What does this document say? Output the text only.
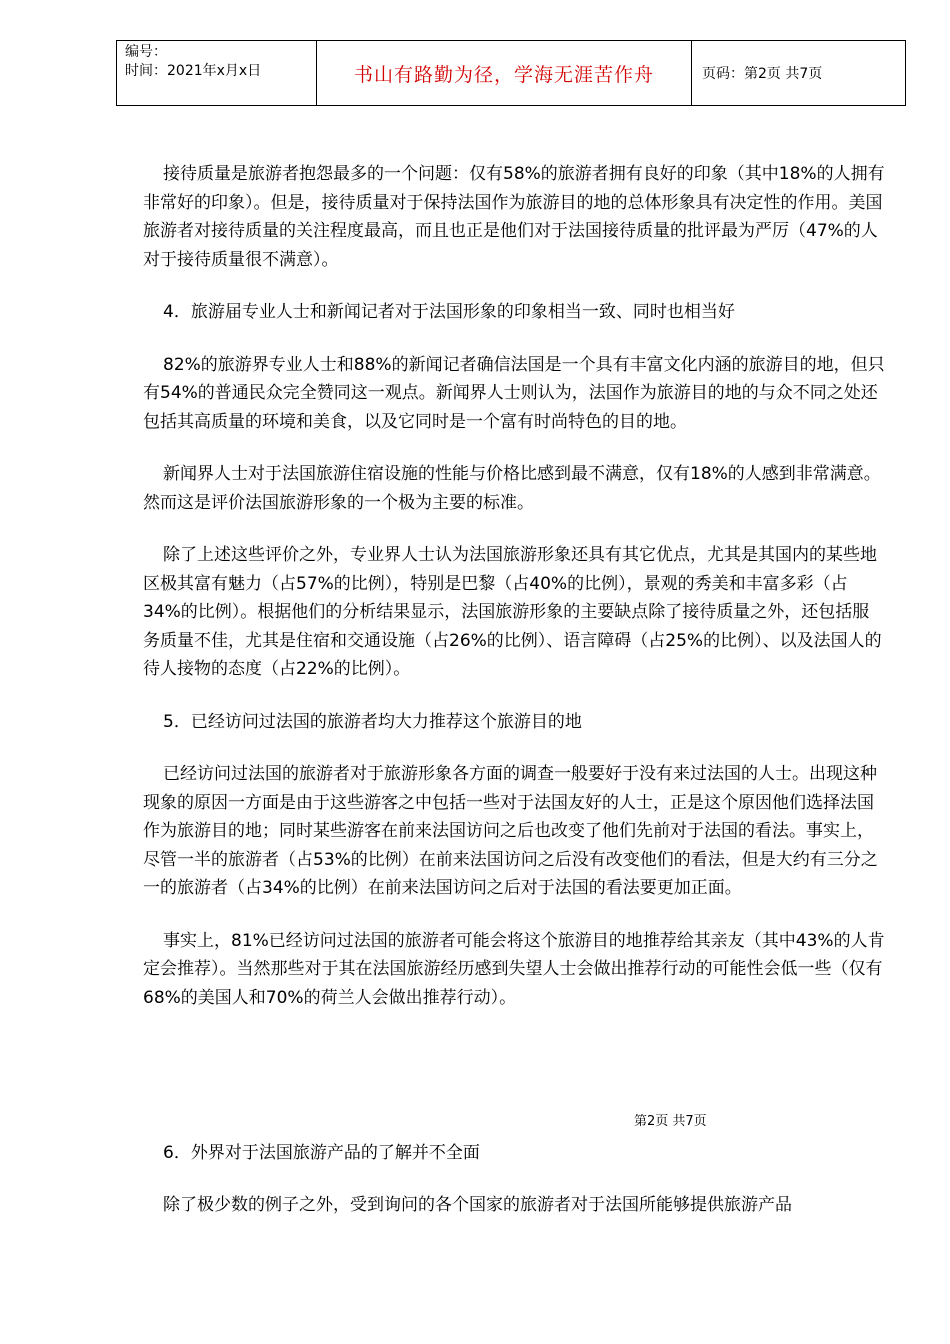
编号：
时间：2021年x月x日	书山有路勤为径，学海无涯苦作舟	页码：第2页 共7页

接待质量是旅游者抱怨最多的一个问题：仅有58%的旅游者拥有良好的印象（其中18%的人拥有非常好的印象）。但是，接待质量对于保持法国作为旅游目的地的总体形象具有决定性的作用。美国旅游者对接待质量的关注程度最高，而且也正是他们对于法国接待质量的批评最为严厉（47%的人对于接待质量很不满意）。

4．旅游届专业人士和新闻记者对于法国形象的印象相当一致、同时也相当好

82%的旅游界专业人士和88%的新闻记者确信法国是一个具有丰富文化内涵的旅游目的地，但只有54%的普通民众完全赞同这一观点。新闻界人士则认为，法国作为旅游目的地的与众不同之处还包括其高质量的环境和美食，以及它同时是一个富有时尚特色的目的地。

新闻界人士对于法国旅游住宿设施的性能与价格比感到最不满意，仅有18%的人感到非常满意。然而这是评价法国旅游形象的一个极为主要的标准。

除了上述这些评价之外，专业界人士认为法国旅游形象还具有其它优点，尤其是其国内的某些地区极其富有魅力（占57%的比例），特别是巴黎（占40%的比例），景观的秀美和丰富多彩（占34%的比例）。根据他们的分析结果显示，法国旅游形象的主要缺点除了接待质量之外，还包括服务质量不佳，尤其是住宿和交通设施（占26%的比例）、语言障碍（占25%的比例）、以及法国人的待人接物的态度（占22%的比例）。

5．已经访问过法国的旅游者均大力推荐这个旅游目的地

已经访问过法国的旅游者对于旅游形象各方面的调查一般要好于没有来过法国的人士。出现这种现象的原因一方面是由于这些游客之中包括一些对于法国友好的人士，正是这个原因他们选择法国作为旅游目的地；同时某些游客在前来法国访问之后也改变了他们先前对于法国的看法。事实上，尽管一半的旅游者（占53%的比例）在前来法国访问之后没有改变他们的看法，但是大约有三分之一的旅游者（占34%的比例）在前来法国访问之后对于法国的看法要更加正面。

事实上，81%已经访问过法国的旅游者可能会将这个旅游目的地推荐给其亲友（其中43%的人肯定会推荐）。当然那些对于其在法国旅游经历感到失望人士会做出推荐行动的可能性会低一些（仅有68%的美国人和70%的荷兰人会做出推荐行动）。

第2页 共7页

6．外界对于法国旅游产品的了解并不全面

除了极少数的例子之外，受到询问的各个国家的旅游者对于法国所能够提供旅游产品
